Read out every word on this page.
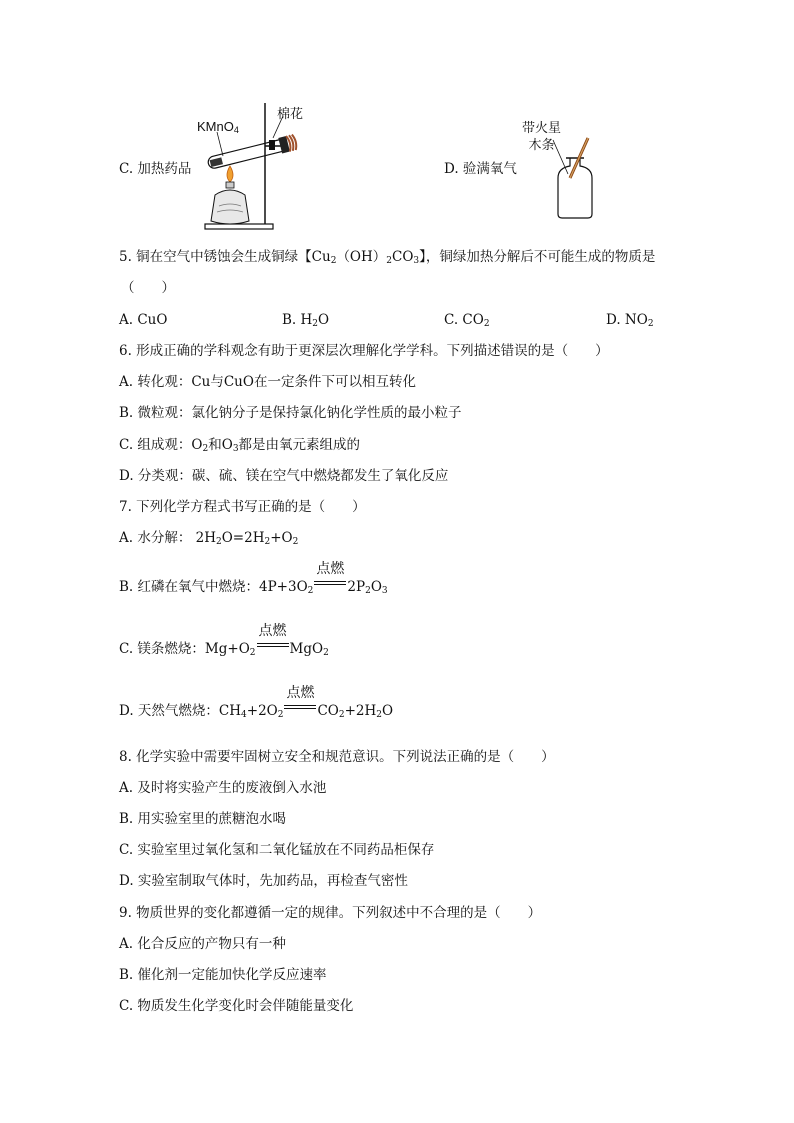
C. 加热药品
KMnO$_4$
棉花
D. 验满氧气
带火星
木条
5. 铜在空气中锈蚀会生成铜绿【$Cu_2(OH)_2CO_3$】，铜绿加热分解后不可能生成的物质是
（　　）
A. CuO	B. $H_2O$	C. $CO_2$	D. $NO_2$
6. 形成正确的学科观念有助于更深层次理解化学学科。下列描述错误的是（　　）
A. 转化观：Cu与CuO在一定条件下可以相互转化
B. 微粒观：氯化钠分子是保持氯化钠化学性质的最小粒子
C. 组成观：$O_2$和$O_3$都是由氧元素组成的
D. 分类观：碳、硫、镁在空气中燃烧都发生了氧化反应
7. 下列化学方程式书写正确的是（　　）
A. 水分解： $2H_2O=2H_2+O_2$
B. 红磷在氧气中燃烧：$4P+3O_2$
点燃
$2P_2O_3$
C. 镁条燃烧：$Mg+O_2$
点燃
MgO$_2$
D. 天然气燃烧：$CH_4+2O_2$
点燃
$CO_2+2H_2O$
8. 化学实验中需要牢固树立安全和规范意识。下列说法正确的是（　　）
A. 及时将实验产生的废液倒入水池
B. 用实验室里的蔗糖泡水喝
C. 实验室里过氧化氢和二氧化锰放在不同药品柜保存
D. 实验室制取气体时，先加药品，再检查气密性
9. 物质世界的变化都遵循一定的规律。下列叙述中不合理的是（　　）
A. 化合反应的产物只有一种
B. 催化剂一定能加快化学反应速率
C. 物质发生化学变化时会伴随能量变化
